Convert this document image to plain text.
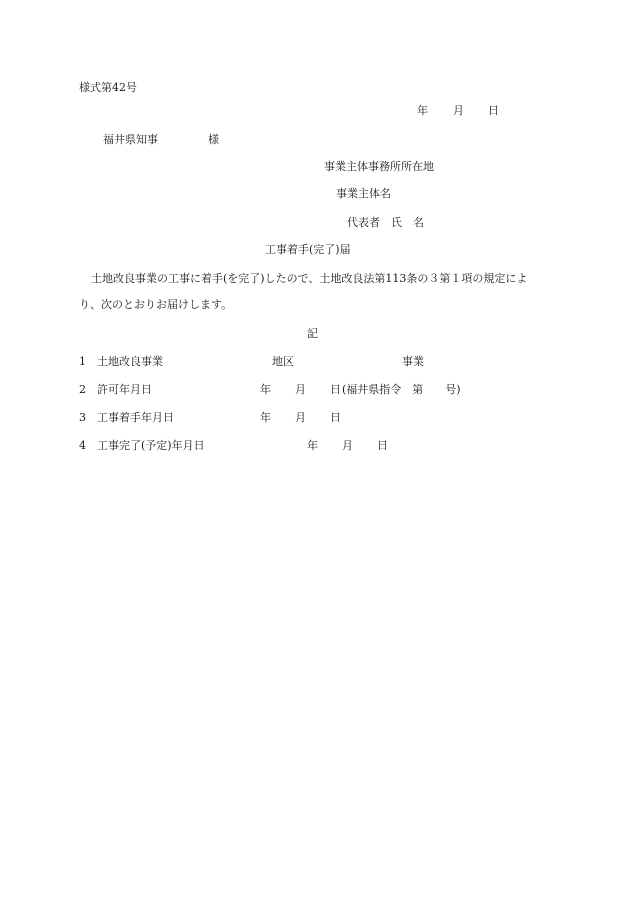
様式第42号
年 月 日
福井県知事	様
事業主体事務所所在地
事業主体名
代表者　氏　名
工事着手(完了)届
土地改良事業の工事に着手(を完了)したので、土地改良法第113条の３第１項の規定によ
り、次のとおりお届けします。
記
1 土地改良事業	地区	事業
2 許可年月日	年 月 日 (福井県指令　第　　号)
3 工事着手年月日	年 月 日
4 工事完了(予定)年月日	年 月 日
